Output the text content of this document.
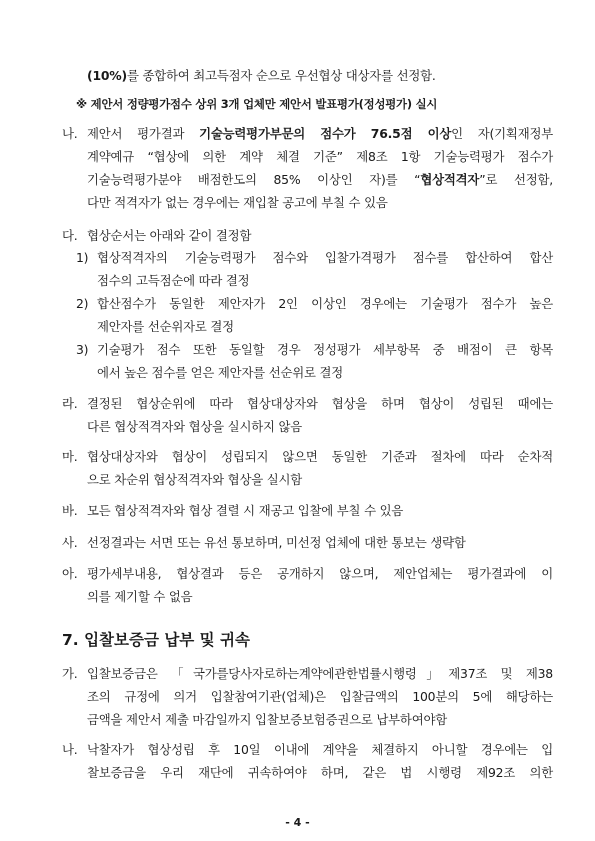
(10%)를 종합하여 최고득점자 순으로 우선협상 대상자를 선정함.
※ 제안서 정량평가점수 상위 3개 업체만 제안서 발표평가(정성평가) 실시
나. 제안서 평가결과 기술능력평가부문의 점수가 76.5점 이상인 자(기획재정부
계약예규 “협상에 의한 계약 체결 기준” 제8조 1항 기술능력평가 점수가
기술능력평가분야 배점한도의 85% 이상인 자)를 “협상적격자”로 선정함,
다만 적격자가 없는 경우에는 재입찰 공고에 부칠 수 있음
다. 협상순서는 아래와 같이 결정함
1) 협상적격자의 기술능력평가 점수와 입찰가격평가 점수를 합산하여 합산
점수의 고득점순에 따라 결정
2) 합산점수가 동일한 제안자가 2인 이상인 경우에는 기술평가 점수가 높은
제안자를 선순위자로 결정
3) 기술평가 점수 또한 동일할 경우 정성평가 세부항목 중 배점이 큰 항목
에서 높은 점수를 얻은 제안자를 선순위로 결정
라. 결정된 협상순위에 따라 협상대상자와 협상을 하며 협상이 성립된 때에는
다른 협상적격자와 협상을 실시하지 않음
마. 협상대상자와 협상이 성립되지 않으면 동일한 기준과 절차에 따라 순차적
으로 차순위 협상적격자와 협상을 실시함
바. 모든 협상적격자와 협상 결렬 시 재공고 입찰에 부칠 수 있음
사. 선정결과는 서면 또는 유선 통보하며, 미선정 업체에 대한 통보는 생략함
아. 평가세부내용, 협상결과 등은 공개하지 않으며, 제안업체는 평가결과에 이
의를 제기할 수 없음
7. 입찰보증금 납부 및 귀속
가. 입찰보증금은 「국가를당사자로하는계약에관한법률시행령」제37조 및 제38
조의 규정에 의거 입찰참여기관(업체)은 입찰금액의 100분의 5에 해당하는
금액을 제안서 제출 마감일까지 입찰보증보험증권으로 납부하여야함
나. 낙찰자가 협상성립 후 10일 이내에 계약을 체결하지 아니할 경우에는 입
찰보증금을 우리 재단에 귀속하여야 하며, 같은 법 시행령 제92조 의한
- 4 -
